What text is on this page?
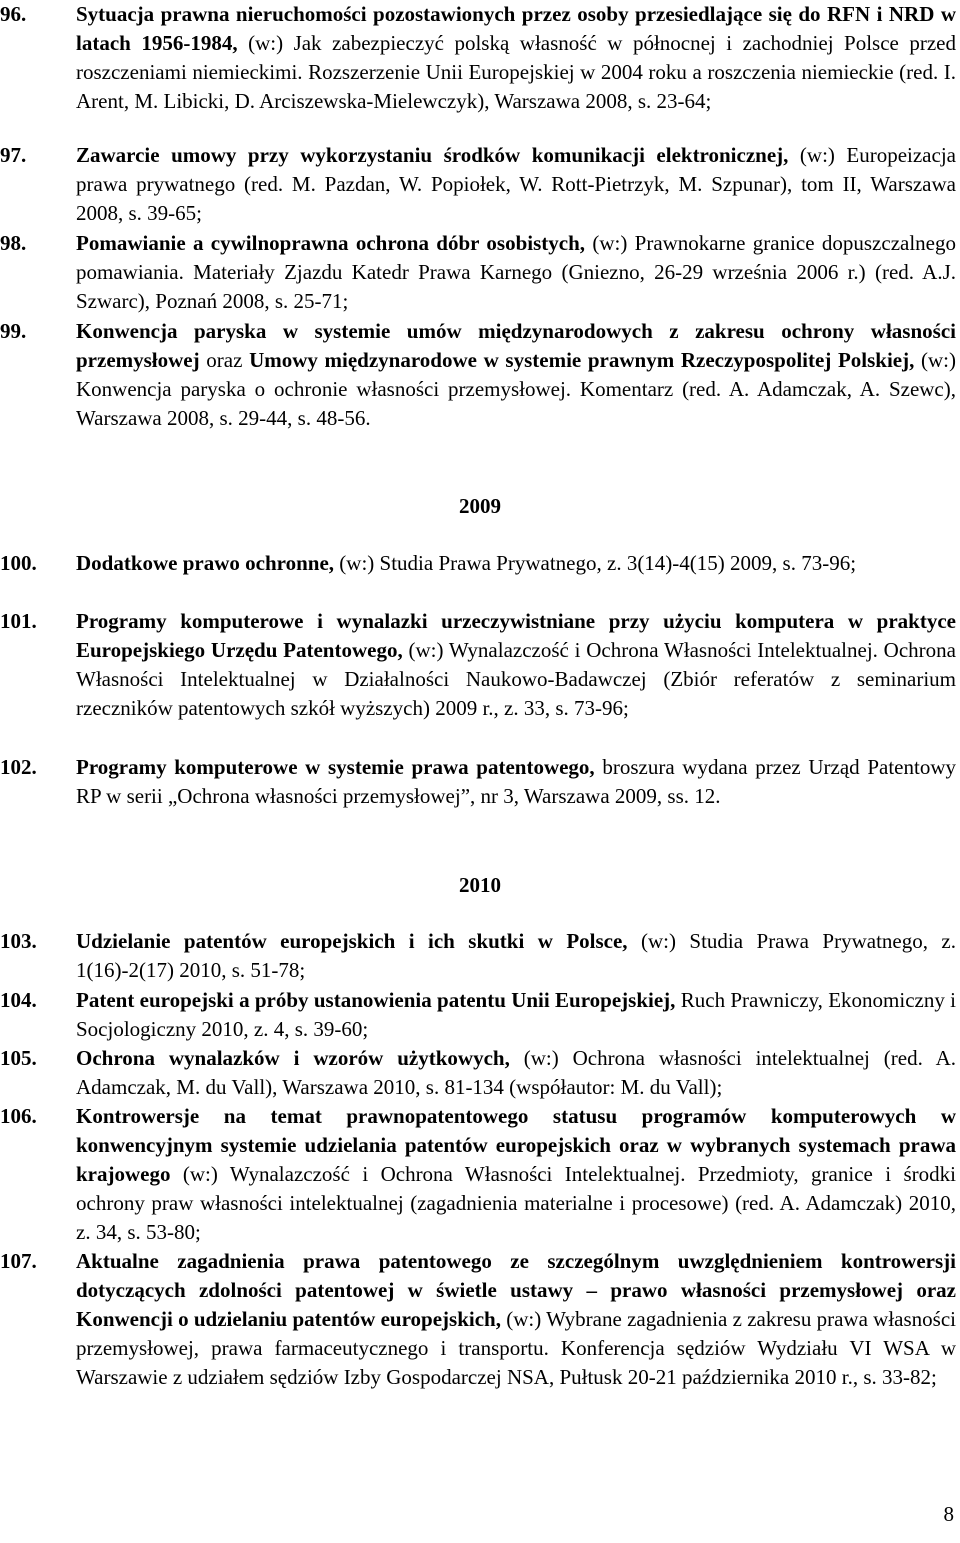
96. Sytuacja prawna nieruchomości pozostawionych przez osoby przesiedlające się do RFN i NRD w latach 1956-1984, (w:) Jak zabezpieczyć polską własność w północnej i zachodniej Polsce przed roszczeniami niemieckimi. Rozszerzenie Unii Europejskiej w 2004 roku a roszczenia niemieckie (red. I. Arent, M. Libicki, D. Arciszewska-Mielewczyk), Warszawa 2008, s. 23-64;
97. Zawarcie umowy przy wykorzystaniu środków komunikacji elektronicznej, (w:) Europeizacja prawa prywatnego (red. M. Pazdan, W. Popiołek, W. Rott-Pietrzyk, M. Szpunar), tom II, Warszawa 2008, s. 39-65;
98. Pomawianie a cywilnoprawna ochrona dóbr osobistych, (w:) Prawnokarne granice dopuszczalnego pomawiania. Materiały Zjazdu Katedr Prawa Karnego (Gniezno, 26-29 września 2006 r.) (red. A.J. Szwarc), Poznań 2008, s. 25-71;
99. Konwencja paryska w systemie umów międzynarodowych z zakresu ochrony własności przemysłowej oraz Umowy międzynarodowe w systemie prawnym Rzeczypospolitej Polskiej, (w:) Konwencja paryska o ochronie własności przemysłowej. Komentarz (red. A. Adamczak, A. Szewc), Warszawa 2008, s. 29-44, s. 48-56.
2009
100. Dodatkowe prawo ochronne, (w:) Studia Prawa Prywatnego, z. 3(14)-4(15) 2009, s. 73-96;
101. Programy komputerowe i wynalazki urzeczywistniane przy użyciu komputera w praktyce Europejskiego Urzędu Patentowego, (w:) Wynalazczość i Ochrona Własności Intelektualnej. Ochrona Własności Intelektualnej w Działalności Naukowo-Badawczej (Zbiór referatów z seminarium rzeczników patentowych szkół wyższych) 2009 r., z. 33, s. 73-96;
102. Programy komputerowe w systemie prawa patentowego, broszura wydana przez Urząd Patentowy RP w serii „Ochrona własności przemysłowej”, nr 3, Warszawa 2009, ss. 12.
2010
103. Udzielanie patentów europejskich i ich skutki w Polsce, (w:) Studia Prawa Prywatnego, z. 1(16)-2(17) 2010, s. 51-78;
104. Patent europejski a próby ustanowienia patentu Unii Europejskiej, Ruch Prawniczy, Ekonomiczny i Socjologiczny 2010, z. 4, s. 39-60;
105. Ochrona wynalazków i wzorów użytkowych, (w:) Ochrona własności intelektualnej (red. A. Adamczak, M. du Vall), Warszawa 2010, s. 81-134 (współautor: M. du Vall);
106. Kontrowersje na temat prawnopatentowego statusu programów komputerowych w konwencyjnym systemie udzielania patentów europejskich oraz w wybranych systemach prawa krajowego (w:) Wynalazczość i Ochrona Własności Intelektualnej. Przedmioty, granice i środki ochrony praw własności intelektualnej (zagadnienia materialne i procesowe) (red. A. Adamczak) 2010, z. 34, s. 53-80;
107. Aktualne zagadnienia prawa patentowego ze szczególnym uwzględnieniem kontrowersji dotyczących zdolności patentowej w świetle ustawy – prawo własności przemysłowej oraz Konwencji o udzielaniu patentów europejskich, (w:) Wybrane zagadnienia z zakresu prawa własności przemysłowej, prawa farmaceutycznego i transportu. Konferencja sędziów Wydziału VI WSA w Warszawie z udziałem sędziów Izby Gospodarczej NSA, Pułtusk 20-21 października 2010 r., s. 33-82;
8
